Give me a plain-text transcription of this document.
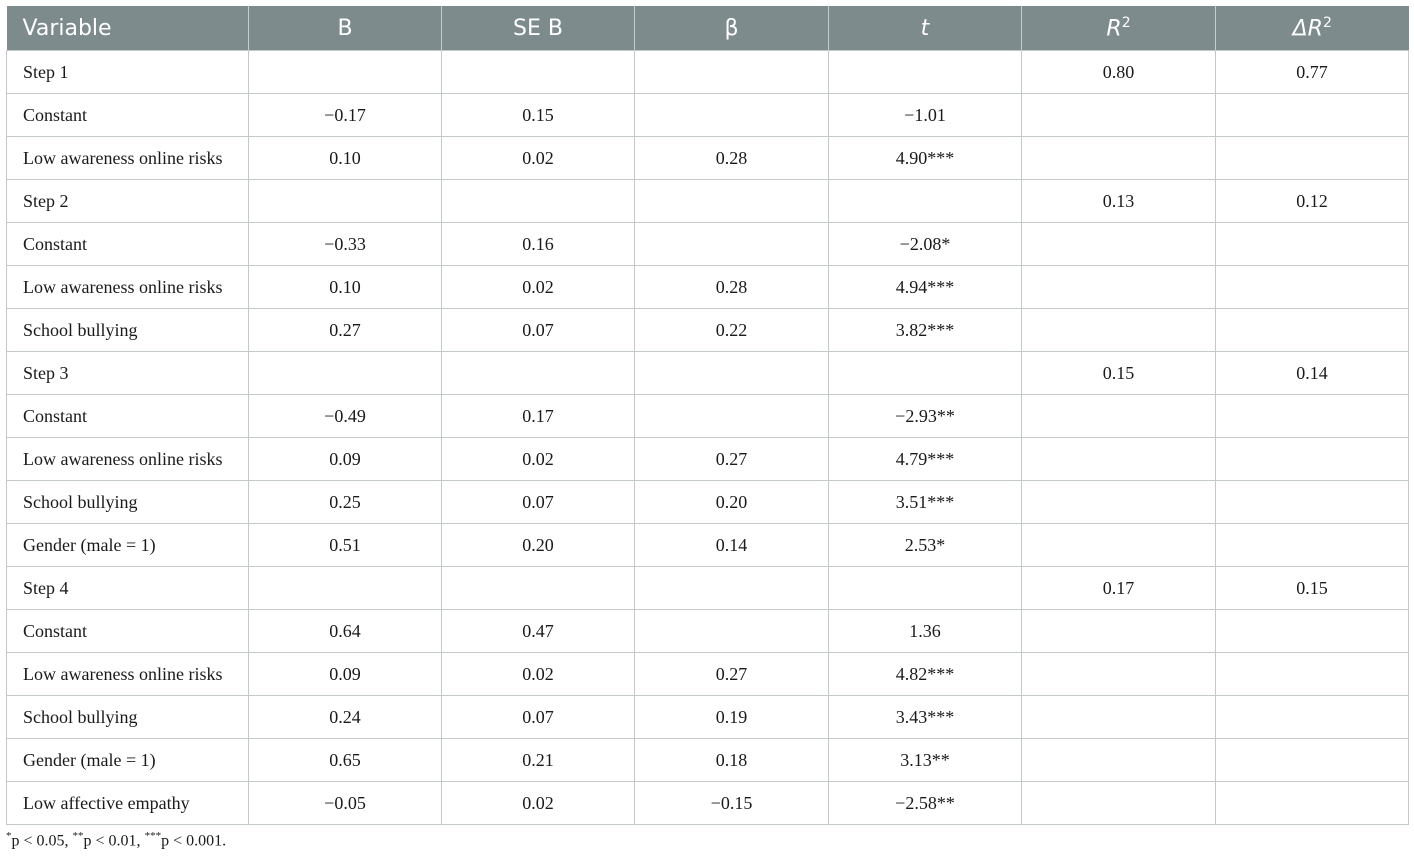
Variable	B	SE B	β	t	$R^2$	$\Delta R^2$
Step 1					0.80	0.77
Constant	−0.17	0.15		−1.01		
Low awareness online risks	0.10	0.02	0.28	4.90***		
Step 2					0.13	0.12
Constant	−0.33	0.16		−2.08*		
Low awareness online risks	0.10	0.02	0.28	4.94***		
School bullying	0.27	0.07	0.22	3.82***		
Step 3					0.15	0.14
Constant	−0.49	0.17		−2.93**		
Low awareness online risks	0.09	0.02	0.27	4.79***		
School bullying	0.25	0.07	0.20	3.51***		
Gender (male = 1)	0.51	0.20	0.14	2.53*		
Step 4					0.17	0.15
Constant	0.64	0.47		1.36		
Low awareness online risks	0.09	0.02	0.27	4.82***		
School bullying	0.24	0.07	0.19	3.43***		
Gender (male = 1)	0.65	0.21	0.18	3.13**		
Low affective empathy	−0.05	0.02	−0.15	−2.58**		
*p < 0.05, **p < 0.01, ***p < 0.001.
